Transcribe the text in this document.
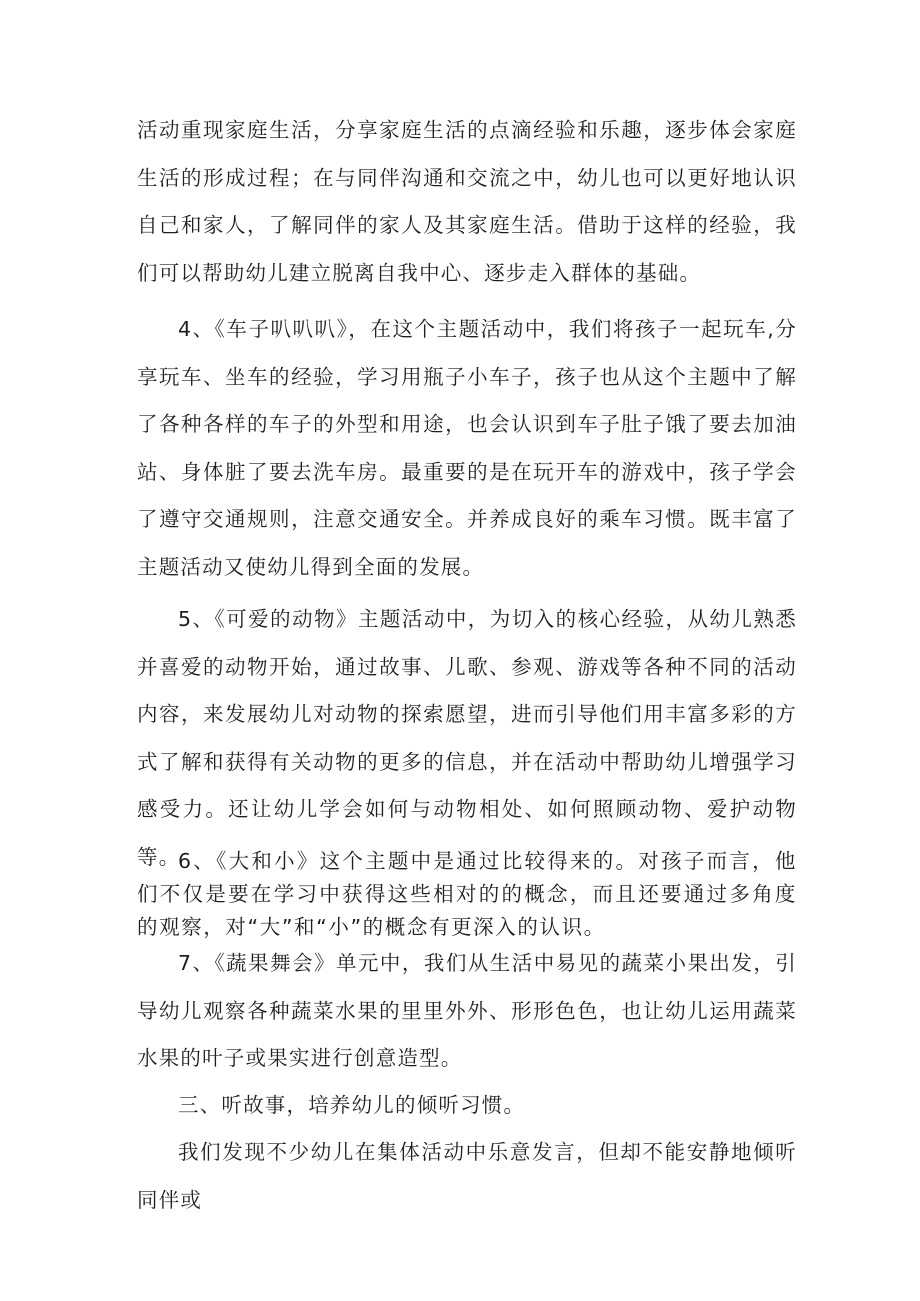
活动重现家庭生活，分享家庭生活的点滴经验和乐趣，逐步体会家庭生活的形成过程；在与同伴沟通和交流之中，幼儿也可以更好地认识自己和家人，了解同伴的家人及其家庭生活。借助于这样的经验，我们可以帮助幼儿建立脱离自我中心、逐步走入群体的基础。

4、《车子叭叭叭》，在这个主题活动中，我们将孩子一起玩车,分享玩车、坐车的经验，学习用瓶子小车子，孩子也从这个主题中了解了各种各样的车子的外型和用途，也会认识到车子肚子饿了要去加油站、身体脏了要去洗车房。最重要的是在玩开车的游戏中，孩子学会了遵守交通规则，注意交通安全。并养成良好的乘车习惯。既丰富了主题活动又使幼儿得到全面的发展。

5、《可爱的动物》主题活动中，为切入的核心经验，从幼儿熟悉并喜爱的动物开始，通过故事、儿歌、参观、游戏等各种不同的活动内容，来发展幼儿对动物的探索愿望，进而引导他们用丰富多彩的方式了解和获得有关动物的更多的信息，并在活动中帮助幼儿增强学习感受力。还让幼儿学会如何与动物相处、如何照顾动物、爱护动物等。

6、《大和小》这个主题中是通过比较得来的。对孩子而言，他们不仅是要在学习中获得这些相对的的概念，而且还要通过多角度的观察，对“大”和“小”的概念有更深入的认识。

7、《蔬果舞会》单元中，我们从生活中易见的蔬菜小果出发，引导幼儿观察各种蔬菜水果的里里外外、形形色色，也让幼儿运用蔬菜水果的叶子或果实进行创意造型。

三、听故事，培养幼儿的倾听习惯。

我们发现不少幼儿在集体活动中乐意发言，但却不能安静地倾听同伴或
